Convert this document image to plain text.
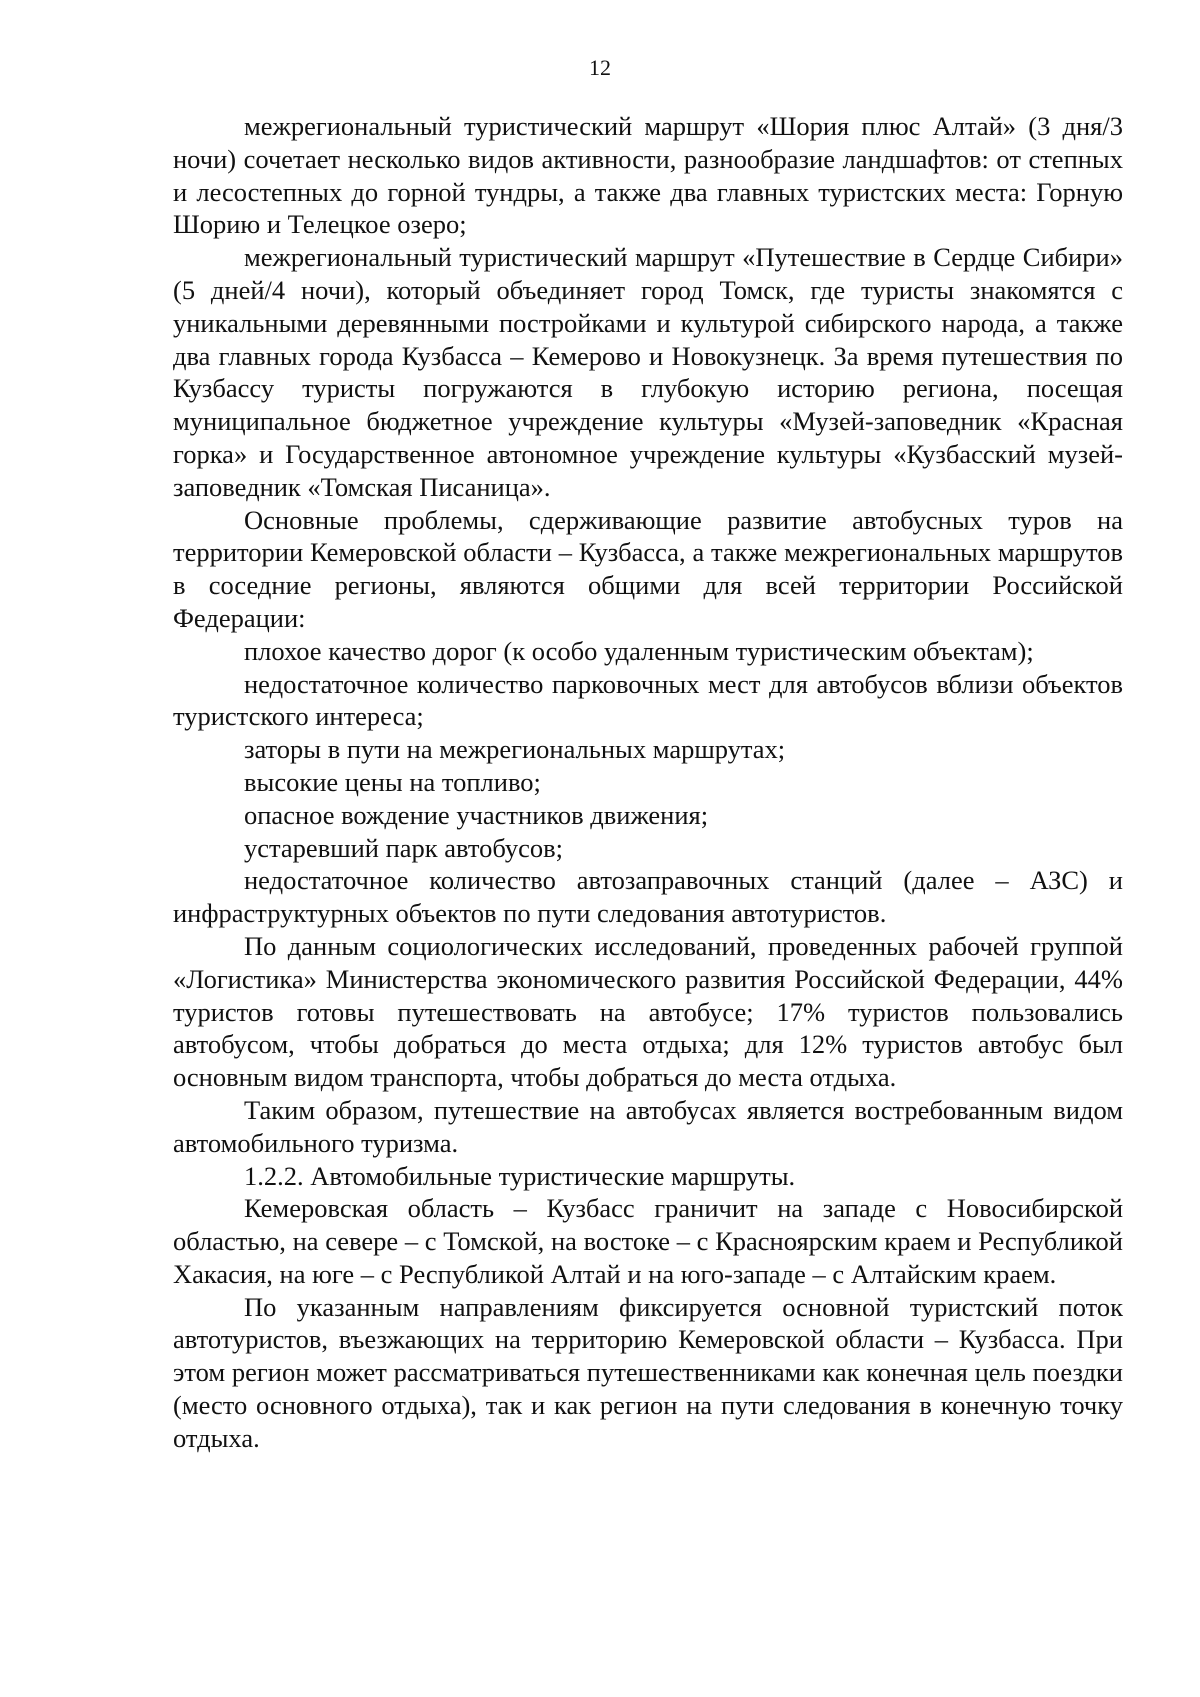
12

межрегиональный туристический маршрут «Шория плюс Алтай» (3 дня/3 ночи) сочетает несколько видов активности, разнообразие ландшафтов: от степных и лесостепных до горной тундры, а также два главных туристских места: Горную Шорию и Телецкое озеро;

межрегиональный туристический маршрут «Путешествие в Сердце Сибири» (5 дней/4 ночи), который объединяет город Томск, где туристы знакомятся с уникальными деревянными постройками и культурой сибирского народа, а также два главных города Кузбасса – Кемерово и Новокузнецк. За время путешествия по Кузбассу туристы погружаются в глубокую историю региона, посещая муниципальное бюджетное учреждение культуры «Музей-заповедник «Красная горка» и Государственное автономное учреждение культуры «Кузбасский музей-заповедник «Томская Писаница».

Основные проблемы, сдерживающие развитие автобусных туров на территории Кемеровской области – Кузбасса, а также межрегиональных маршрутов в соседние регионы, являются общими для всей территории Российской Федерации:

плохое качество дорог (к особо удаленным туристическим объектам);

недостаточное количество парковочных мест для автобусов вблизи объектов туристского интереса;

заторы в пути на межрегиональных маршрутах;

высокие цены на топливо;

опасное вождение участников движения;

устаревший парк автобусов;

недостаточное количество автозаправочных станций (далее – АЗС) и инфраструктурных объектов по пути следования автотуристов.

По данным социологических исследований, проведенных рабочей группой «Логистика» Министерства экономического развития Российской Федерации, 44% туристов готовы путешествовать на автобусе; 17% туристов пользовались автобусом, чтобы добраться до места отдыха; для 12% туристов автобус был основным видом транспорта, чтобы добраться до места отдыха.

Таким образом, путешествие на автобусах является востребованным видом автомобильного туризма.

1.2.2. Автомобильные туристические маршруты.

Кемеровская область – Кузбасс граничит на западе с Новосибирской областью, на севере – с Томской, на востоке – с Красноярским краем и Республикой Хакасия, на юге – с Республикой Алтай и на юго-западе – с Алтайским краем.

По указанным направлениям фиксируется основной туристский поток автотуристов, въезжающих на территорию Кемеровской области – Кузбасса. При этом регион может рассматриваться путешественниками как конечная цель поездки (место основного отдыха), так и как регион на пути следования в конечную точку отдыха.
